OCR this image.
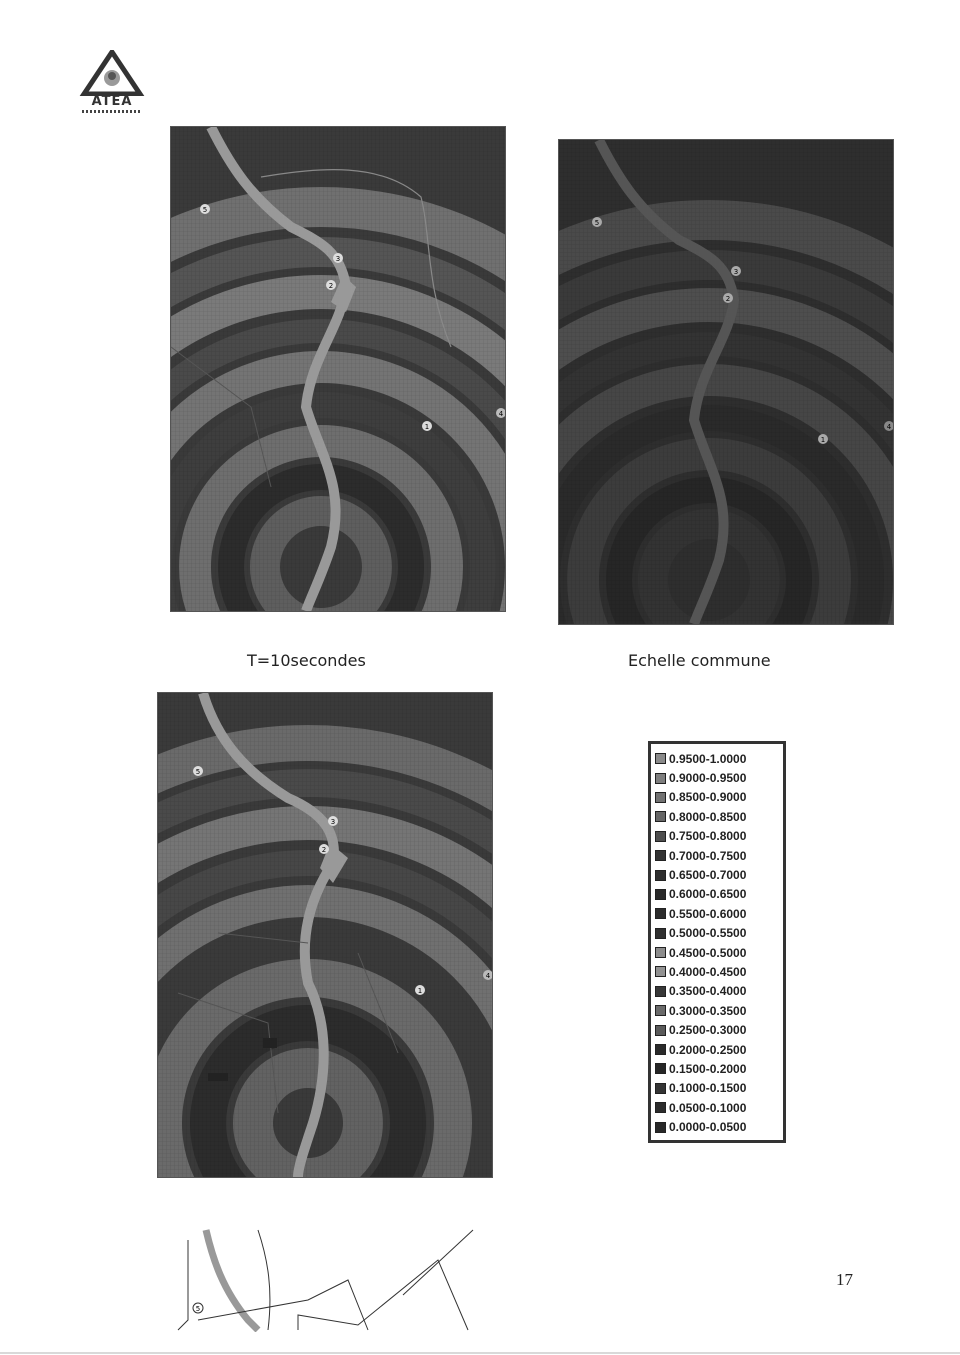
ATEA
5
3
2
1
4
5
3
2
1
4
T=10secondes	Echelle commune
5
3
2
1
4
0.9500-1.0000
0.9000-0.9500
0.8500-0.9000
0.8000-0.8500
0.7500-0.8000
0.7000-0.7500
0.6500-0.7000
0.6000-0.6500
0.5500-0.6000
0.5000-0.5500
0.4500-0.5000
0.4000-0.4500
0.3500-0.4000
0.3000-0.3500
0.2500-0.3000
0.2000-0.2500
0.1500-0.2000
0.1000-0.1500
0.0500-0.1000
0.0000-0.0500
5
17
